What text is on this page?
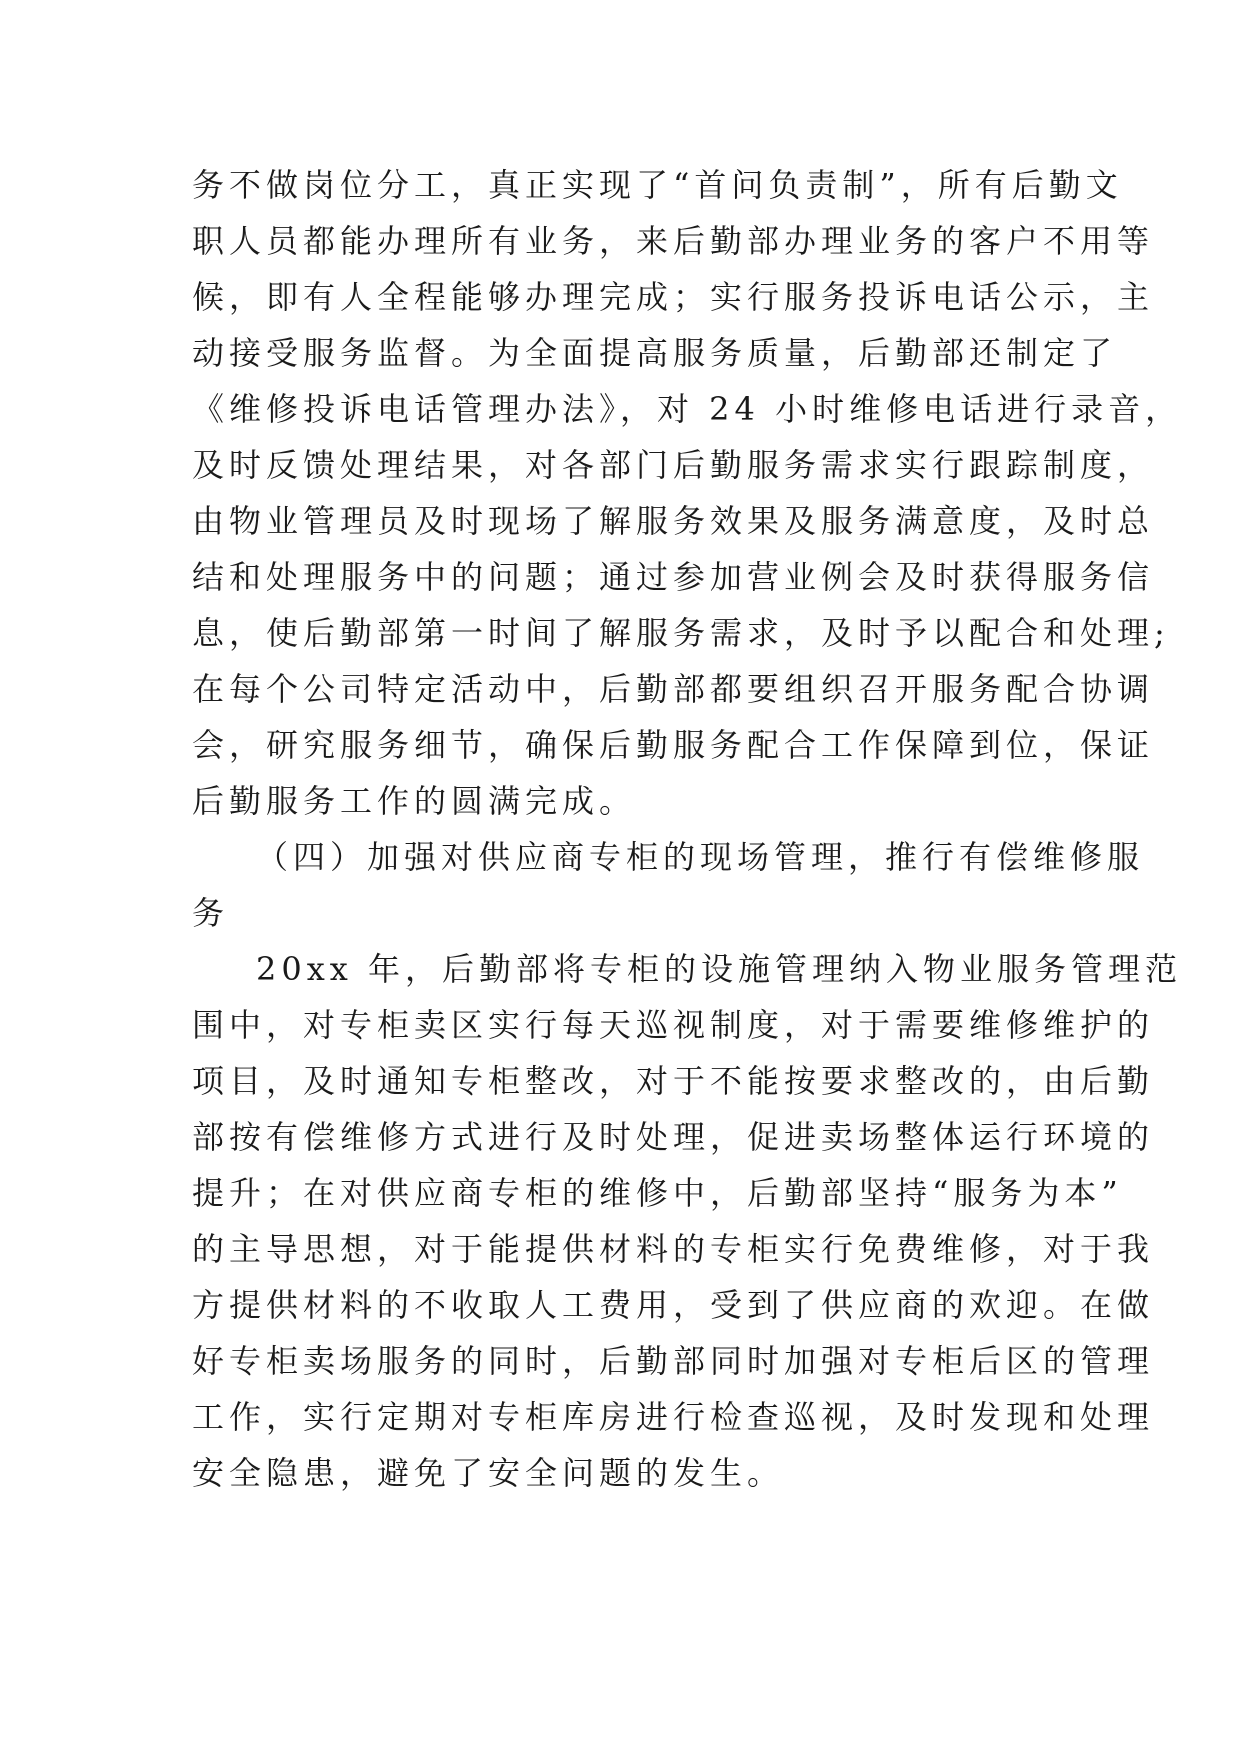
务不做岗位分工，真正实现了“首问负责制”，所有后勤文
职人员都能办理所有业务，来后勤部办理业务的客户不用等
候，即有人全程能够办理完成；实行服务投诉电话公示，主
动接受服务监督。为全面提高服务质量，后勤部还制定了
《维修投诉电话管理办法》，对 24 小时维修电话进行录音，
及时反馈处理结果，对各部门后勤服务需求实行跟踪制度，
由物业管理员及时现场了解服务效果及服务满意度，及时总
结和处理服务中的问题；通过参加营业例会及时获得服务信
息，使后勤部第一时间了解服务需求，及时予以配合和处理;
在每个公司特定活动中，后勤部都要组织召开服务配合协调
会，研究服务细节，确保后勤服务配合工作保障到位，保证
后勤服务工作的圆满完成。
（四）加强对供应商专柜的现场管理，推行有偿维修服
务
20xx 年，后勤部将专柜的设施管理纳入物业服务管理范
围中，对专柜卖区实行每天巡视制度，对于需要维修维护的
项目，及时通知专柜整改，对于不能按要求整改的，由后勤
部按有偿维修方式进行及时处理，促进卖场整体运行环境的
提升；在对供应商专柜的维修中，后勤部坚持“服务为本”
的主导思想，对于能提供材料的专柜实行免费维修，对于我
方提供材料的不收取人工费用，受到了供应商的欢迎。在做
好专柜卖场服务的同时，后勤部同时加强对专柜后区的管理
工作，实行定期对专柜库房进行检查巡视，及时发现和处理
安全隐患，避免了安全问题的发生。
